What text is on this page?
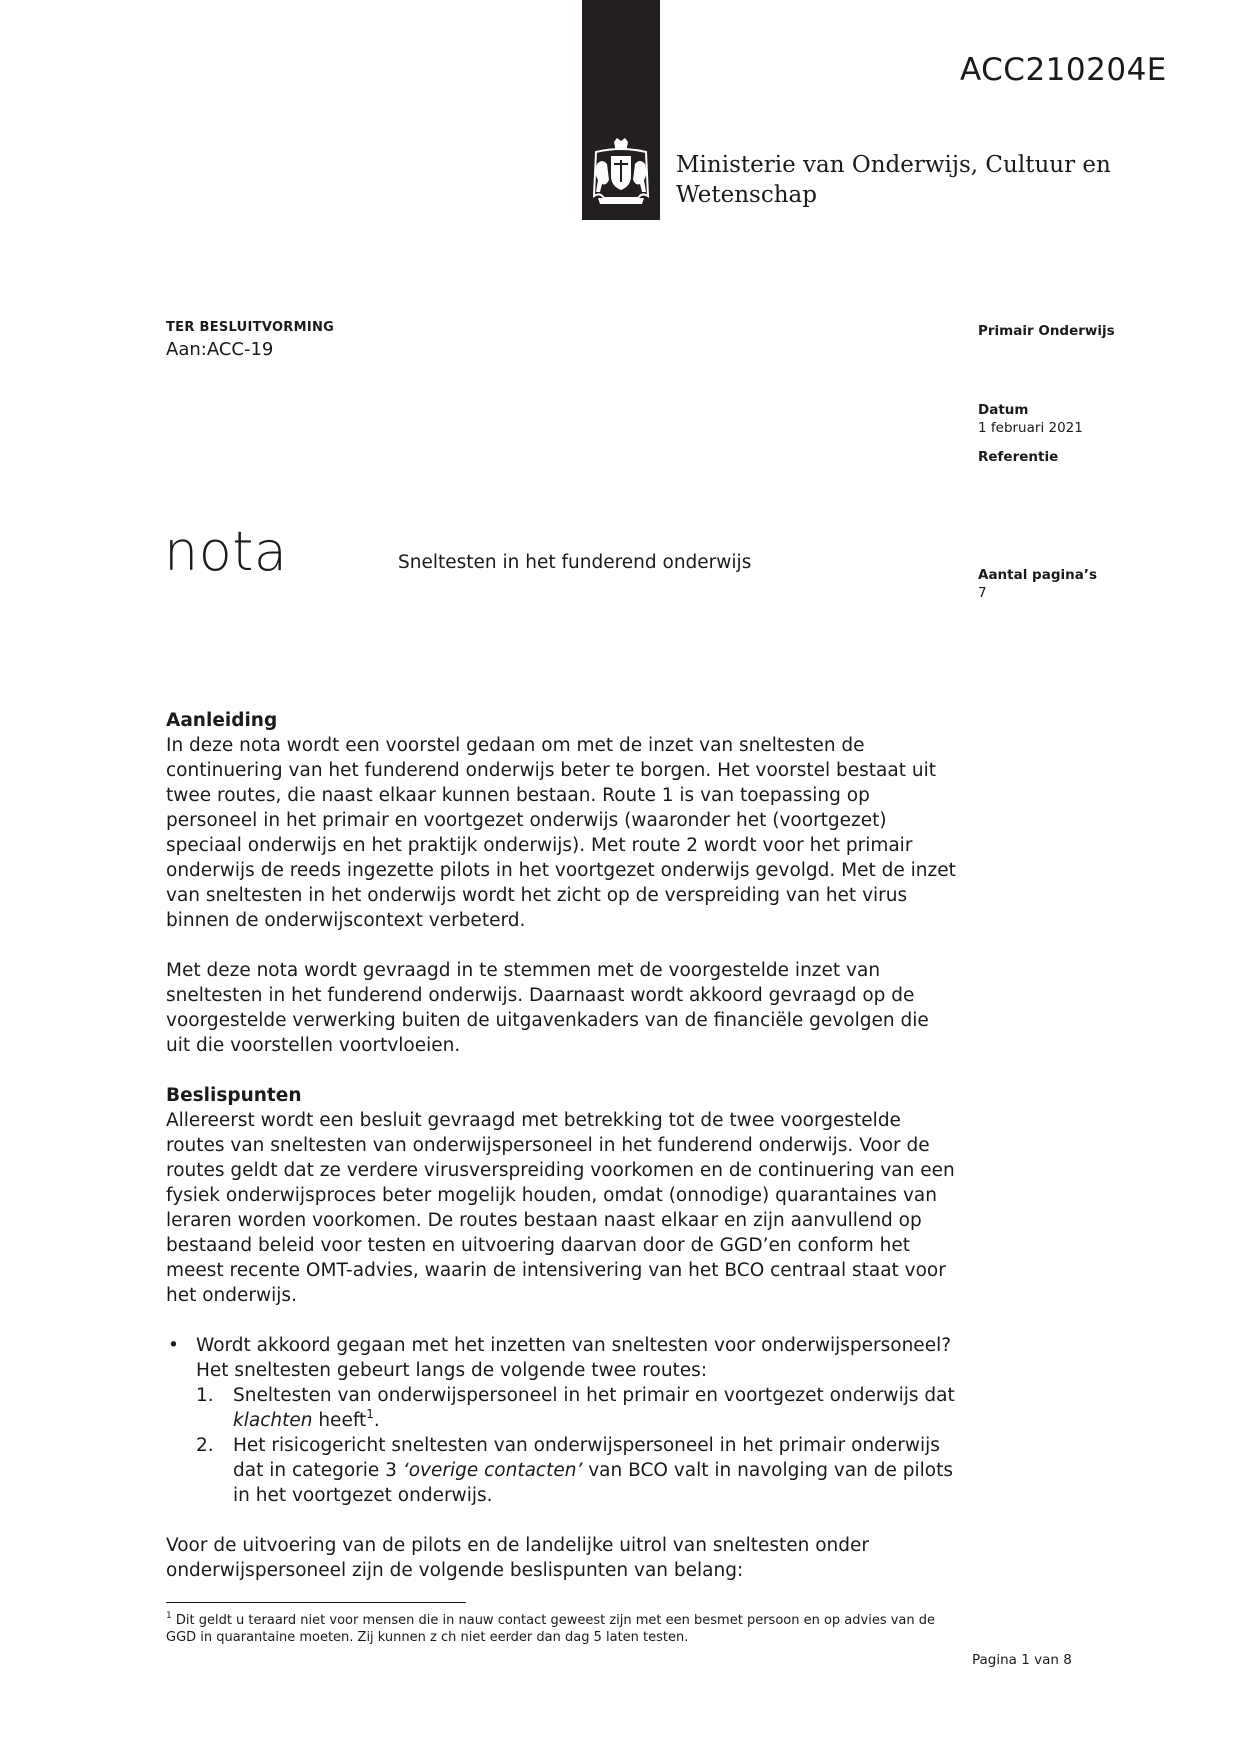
ACC210204E
Ministerie van Onderwijs, Cultuur en
Wetenschap
TER BESLUITVORMING
Aan:ACC-19
Primair Onderwijs
Datum
1 februari 2021
Referentie
Aantal pagina’s
7
nota	Sneltesten in het funderend onderwijs
Aanleiding

In deze nota wordt een voorstel gedaan om met de inzet van sneltesten de continuering van het funderend onderwijs beter te borgen. Het voorstel bestaat uit twee routes, die naast elkaar kunnen bestaan. Route 1 is van toepassing op personeel in het primair en voortgezet onderwijs (waaronder het (voortgezet) speciaal onderwijs en het praktijk onderwijs). Met route 2 wordt voor het primair onderwijs de reeds ingezette pilots in het voortgezet onderwijs gevolgd. Met de inzet van sneltesten in het onderwijs wordt het zicht op de verspreiding van het virus binnen de onderwijscontext verbeterd.

Met deze nota wordt gevraagd in te stemmen met de voorgestelde inzet van sneltesten in het funderend onderwijs. Daarnaast wordt akkoord gevraagd op de voorgestelde verwerking buiten de uitgavenkaders van de financiële gevolgen die uit die voorstellen voortvloeien.

Beslispunten

Allereerst wordt een besluit gevraagd met betrekking tot de twee voorgestelde routes van sneltesten van onderwijspersoneel in het funderend onderwijs. Voor de routes geldt dat ze verdere virusverspreiding voorkomen en de continuering van een fysiek onderwijsproces beter mogelijk houden, omdat (onnodige) quarantaines van leraren worden voorkomen. De routes bestaan naast elkaar en zijn aanvullend op bestaand beleid voor testen en uitvoering daarvan door de GGD’en conform het meest recente OMT-advies, waarin de intensivering van het BCO centraal staat voor het onderwijs.

• Wordt akkoord gegaan met het inzetten van sneltesten voor onderwijspersoneel? Het sneltesten gebeurt langs de volgende twee routes:
1. Sneltesten van onderwijspersoneel in het primair en voortgezet onderwijs dat klachten heeft$^1$.
2. Het risicogericht sneltesten van onderwijspersoneel in het primair onderwijs dat in categorie 3 ‘overige contacten’ van BCO valt in navolging van de pilots in het voortgezet onderwijs.

Voor de uitvoering van de pilots en de landelijke uitrol van sneltesten onder onderwijspersoneel zijn de volgende beslispunten van belang:

$^1$ Dit geldt u teraard niet voor mensen die in nauw contact geweest zijn met een besmet persoon en op advies van de GGD in quarantaine moeten. Zij kunnen z ch niet eerder dan dag 5 laten testen.
Pagina 1 van 8
